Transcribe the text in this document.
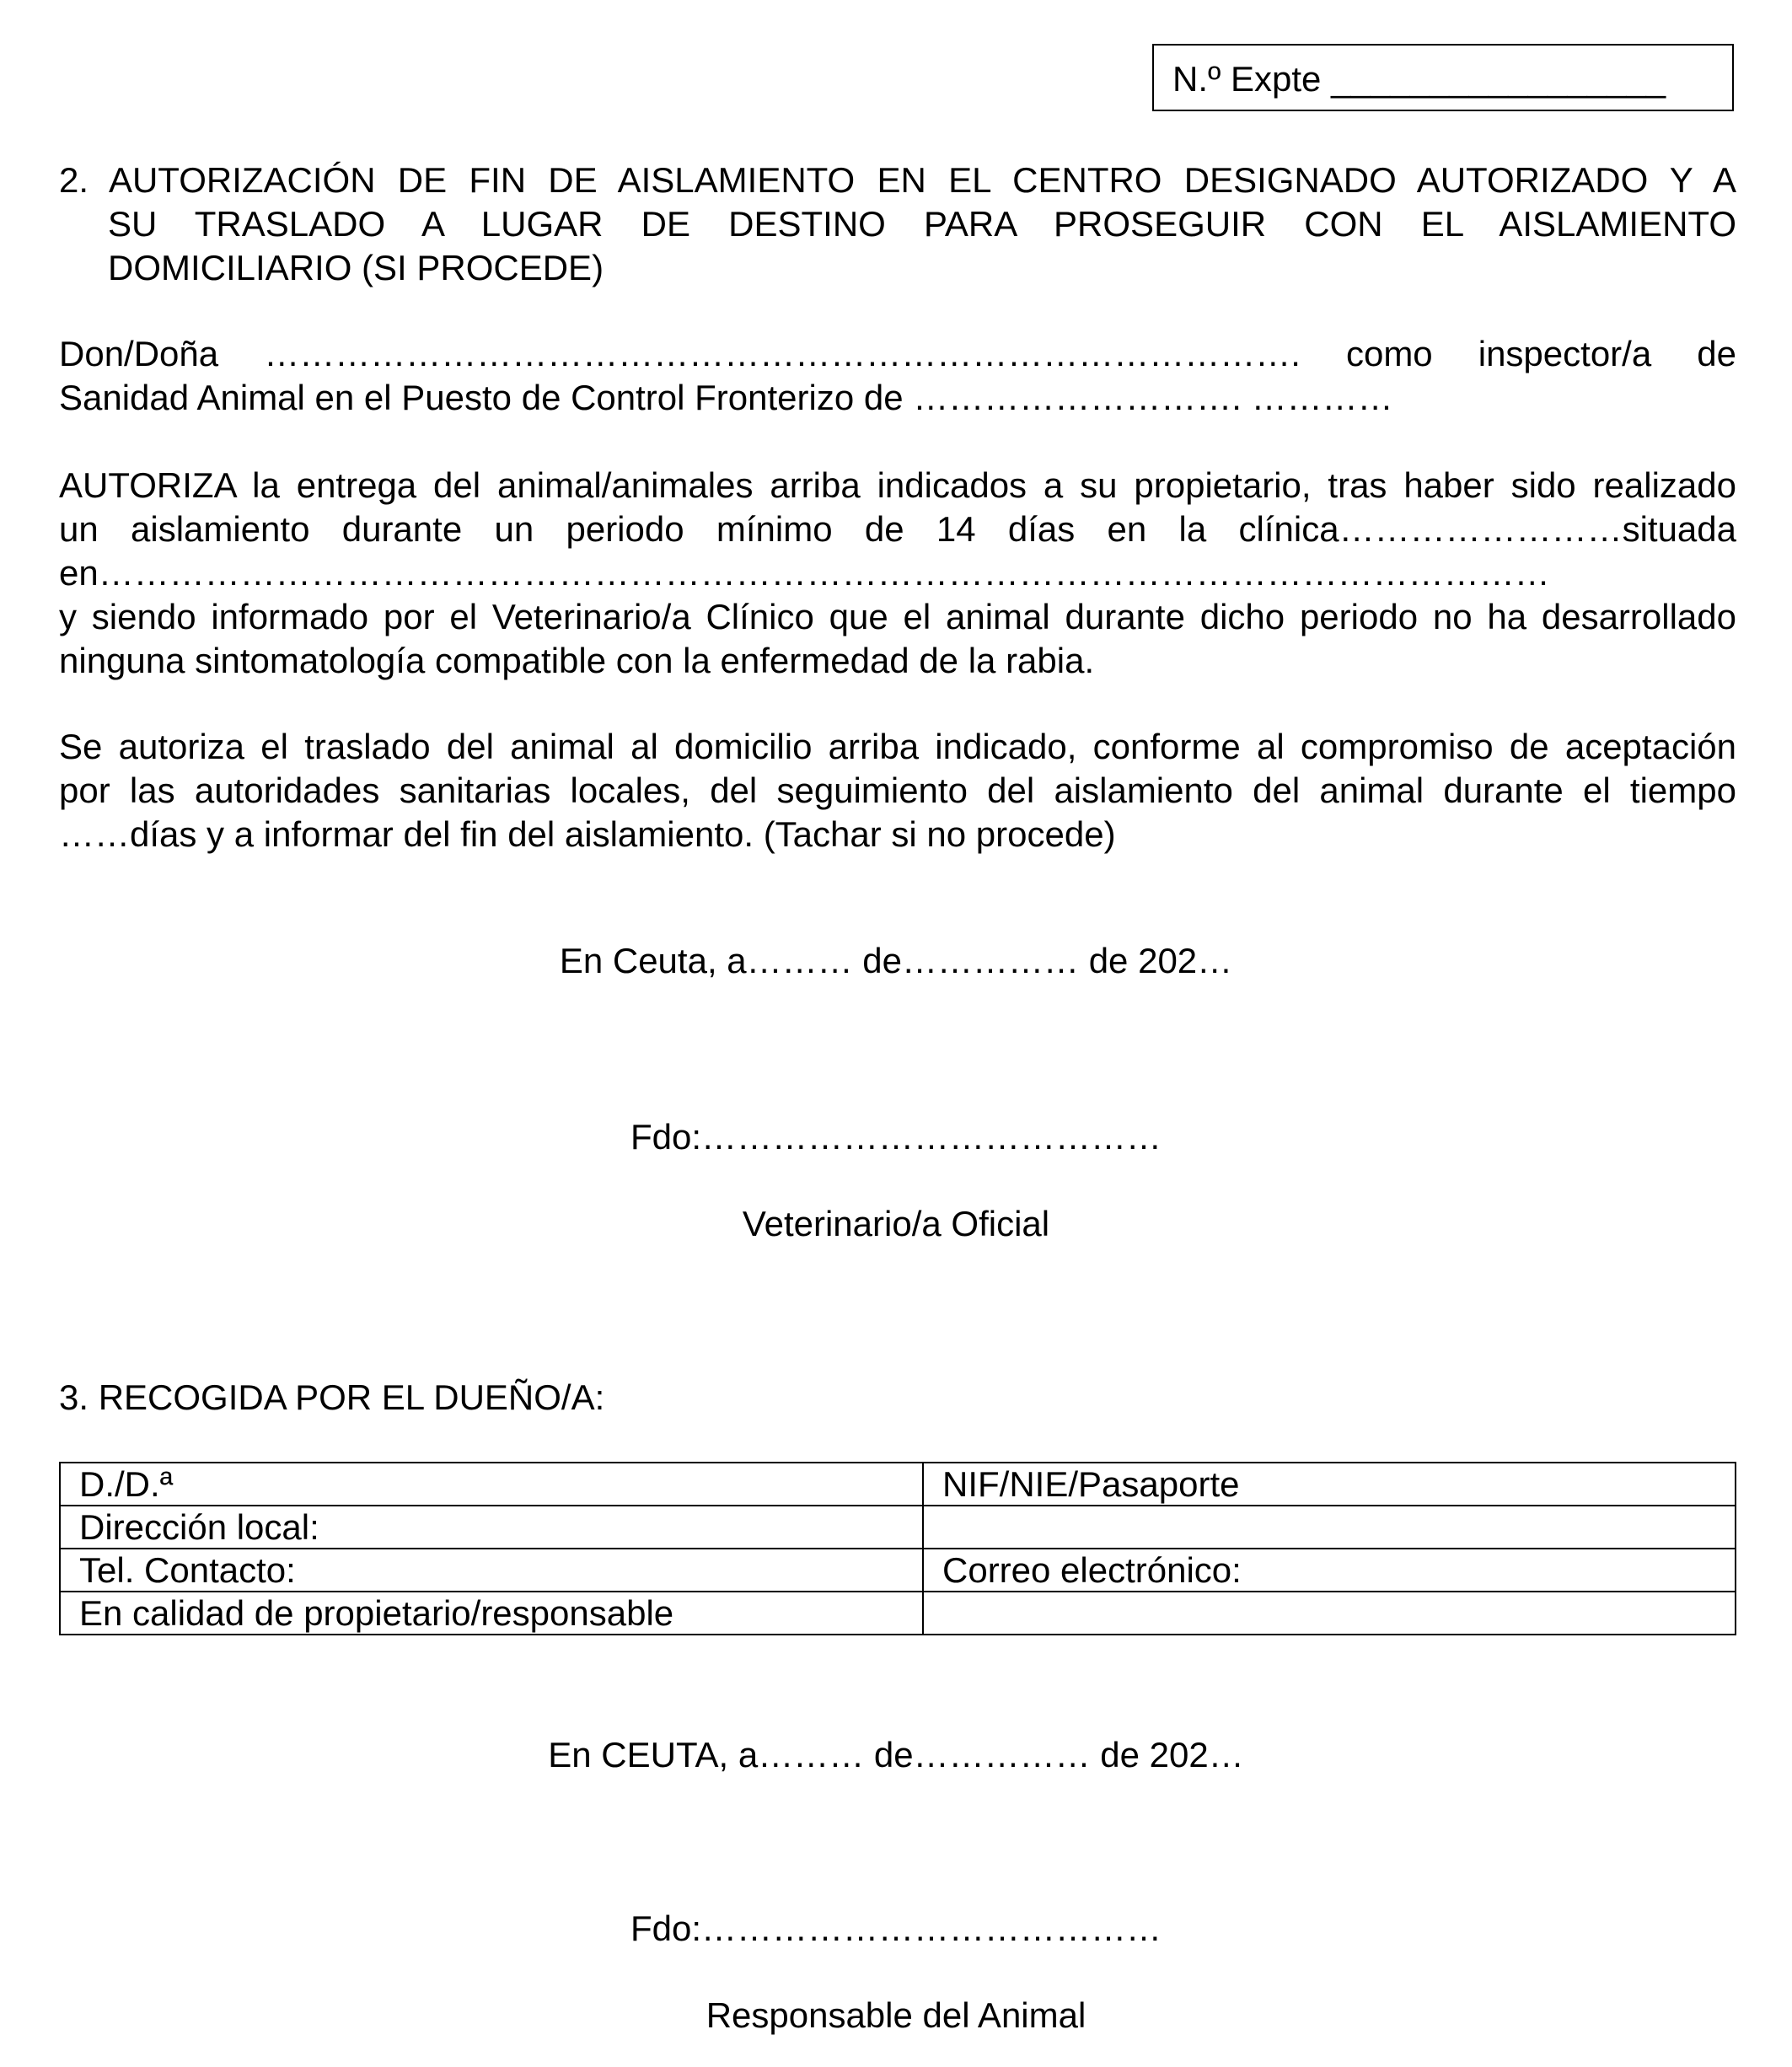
N.º Expte _________________
2. AUTORIZACIÓN DE FIN DE AISLAMIENTO EN EL CENTRO DESIGNADO AUTORIZADO Y A
SU TRASLADO A LUGAR DE DESTINO PARA PROSEGUIR CON EL AISLAMIENTO
DOMICILIARIO (SI PROCEDE)
Don/Doña ……………………………………………………………………………. como inspector/a de
Sanidad Animal en el Puesto de Control Fronterizo de ………………………. …………
AUTORIZA la entrega del animal/animales arriba indicados a su propietario, tras haber sido realizado
un aislamiento durante un periodo mínimo de 14 días en la clínica……………………situada
en……………………………………………………………………………………………………………
y siendo informado por el Veterinario/a Clínico que el animal durante dicho periodo no ha desarrollado
ninguna sintomatología compatible con la enfermedad de la rabia.
Se autoriza el traslado del animal al domicilio arriba indicado, conforme al compromiso de aceptación
por las autoridades sanitarias locales, del seguimiento del aislamiento del animal durante el tiempo
……días y a informar del fin del aislamiento. (Tachar si no procede)
En Ceuta, a……… de…………… de 202…
Fdo:…………………………………
Veterinario/a Oficial
3. RECOGIDA POR EL DUEÑO/A:
D./D.ª	NIF/NIE/Pasaporte
Dirección local:	
Tel. Contacto:	Correo electrónico:
En calidad de propietario/responsable	
En CEUTA, a……… de…………… de 202…
Fdo:…………………………………
Responsable del Animal
